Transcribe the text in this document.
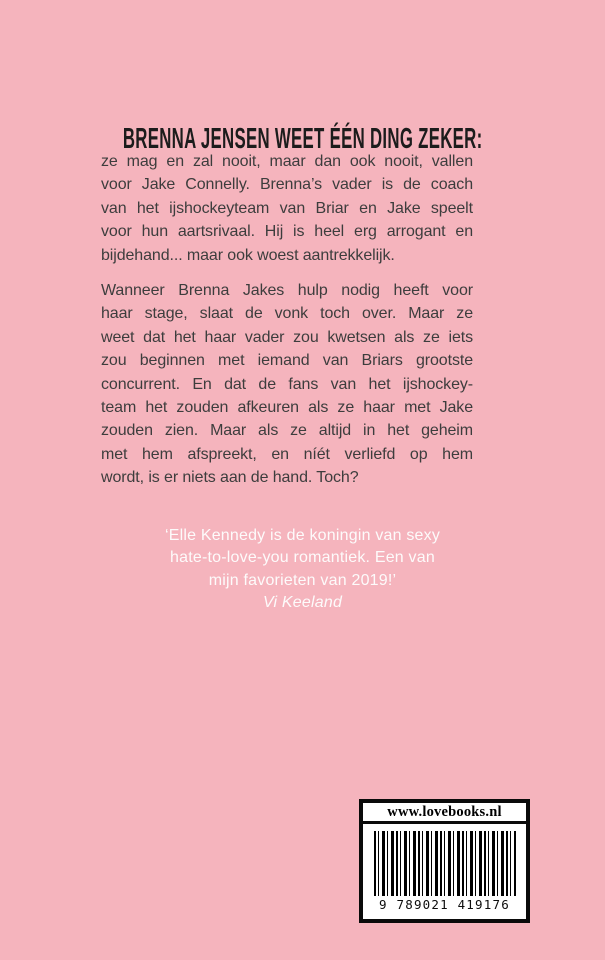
BRENNA JENSEN WEET ÉÉN DING ZEKER:
ze mag en zal nooit, maar dan ook nooit, vallen
voor Jake Connelly. Brenna’s vader is de coach
van het ijshockeyteam van Briar en Jake speelt
voor hun aartsrivaal. Hij is heel erg arrogant en
bijdehand... maar ook woest aantrekkelijk.
Wanneer Brenna Jakes hulp nodig heeft voor
haar stage, slaat de vonk toch over. Maar ze
weet dat het haar vader zou kwetsen als ze iets
zou beginnen met iemand van Briars grootste
concurrent. En dat de fans van het ijshockey-
team het zouden afkeuren als ze haar met Jake
zouden zien. Maar als ze altijd in het geheim
met hem afspreekt, en níét verliefd op hem
wordt, is er niets aan de hand. Toch?
‘Elle Kennedy is de koningin van sexy
hate-to-love-you romantiek. Een van
mijn favorieten van 2019!’
Vi Keeland
www.lovebooks.nl
9 789021 419176
